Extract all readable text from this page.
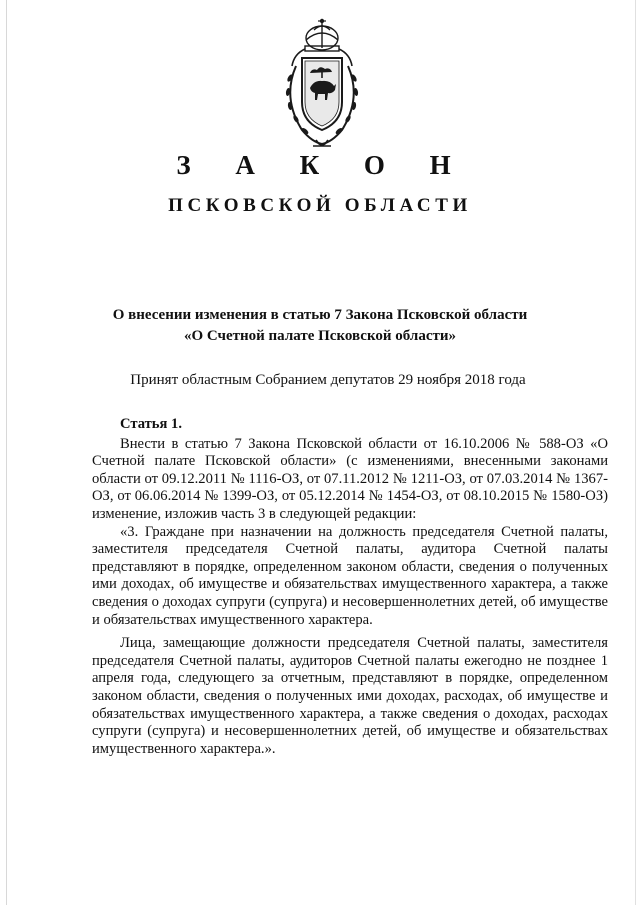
З А К О Н
ПСКОВСКОЙ ОБЛАСТИ
О внесении изменения в статью 7 Закона Псковской области
«О Счетной палате Псковской области»
Принят областным Собранием депутатов 29 ноября 2018 года
Статья 1.

Внести в статью 7 Закона Псковской области от 16.10.2006 № 588-ОЗ «О Счетной палате Псковской области» (с изменениями, внесенными законами области от 09.12.2011 № 1116-ОЗ, от 07.11.2012 № 1211-ОЗ, от 07.03.2014 № 1367-ОЗ, от 06.06.2014 № 1399-ОЗ, от 05.12.2014 № 1454-ОЗ, от 08.10.2015 № 1580-ОЗ) изменение, изложив часть 3 в следующей редакции:

«3. Граждане при назначении на должность председателя Счетной палаты, заместителя председателя Счетной палаты, аудитора Счетной палаты представляют в порядке, определенном законом области, сведения о полученных ими доходах, об имуществе и обязательствах имущественного характера, а также сведения о доходах супруги (супруга) и несовершеннолетних детей, об имуществе и обязательствах имущественного характера.

Лица, замещающие должности председателя Счетной палаты, заместителя председателя Счетной палаты, аудиторов Счетной палаты ежегодно не позднее 1 апреля года, следующего за отчетным, представляют в порядке, определенном законом области, сведения о полученных ими доходах, расходах, об имуществе и обязательствах имущественного характера, а также сведения о доходах, расходах супруги (супруга) и несовершеннолетних детей, об имуществе и обязательствах имущественного характера.».
